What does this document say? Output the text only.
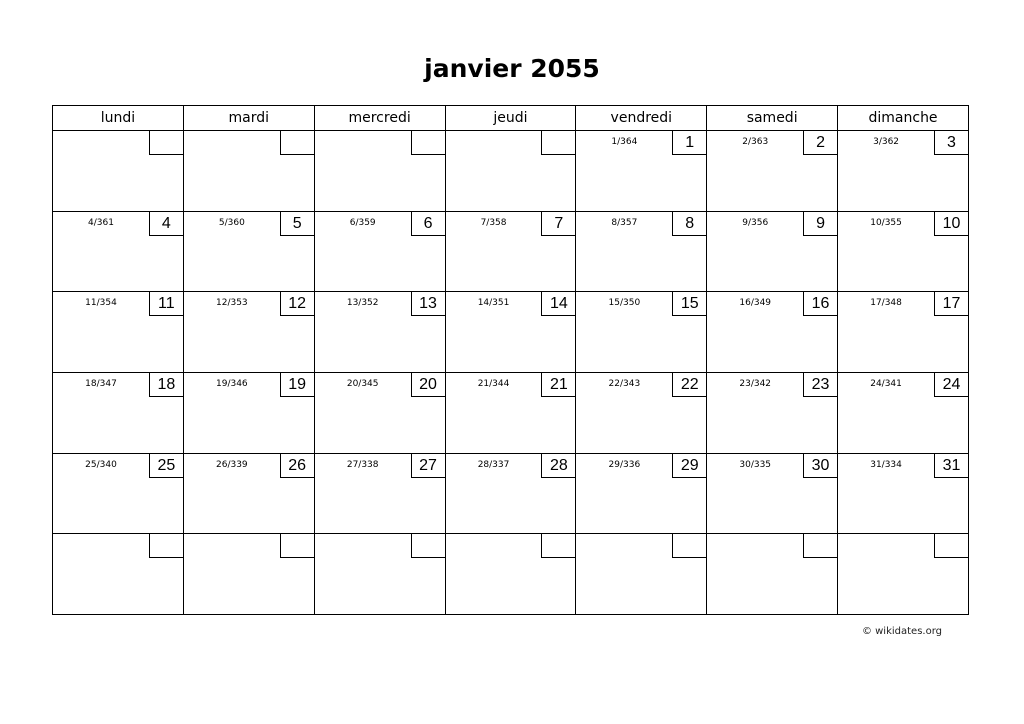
janvier 2055
lundi	mardi	mercredi	jeudi	vendredi	samedi	dimanche

				1/364 1	2/363 2	3/362 3

4/361 4	5/360 5	6/359 6	7/358 7	8/357 8	9/356 9	10/355 10

11/354 11	12/353 12	13/352 13	14/351 14	15/350 15	16/349 16	17/348 17

18/347 18	19/346 19	20/345 20	21/344 21	22/343 22	23/342 23	24/341 24

25/340 25	26/339 26	27/338 27	28/337 28	29/336 29	30/335 30	31/334 31

© wikidates.org
